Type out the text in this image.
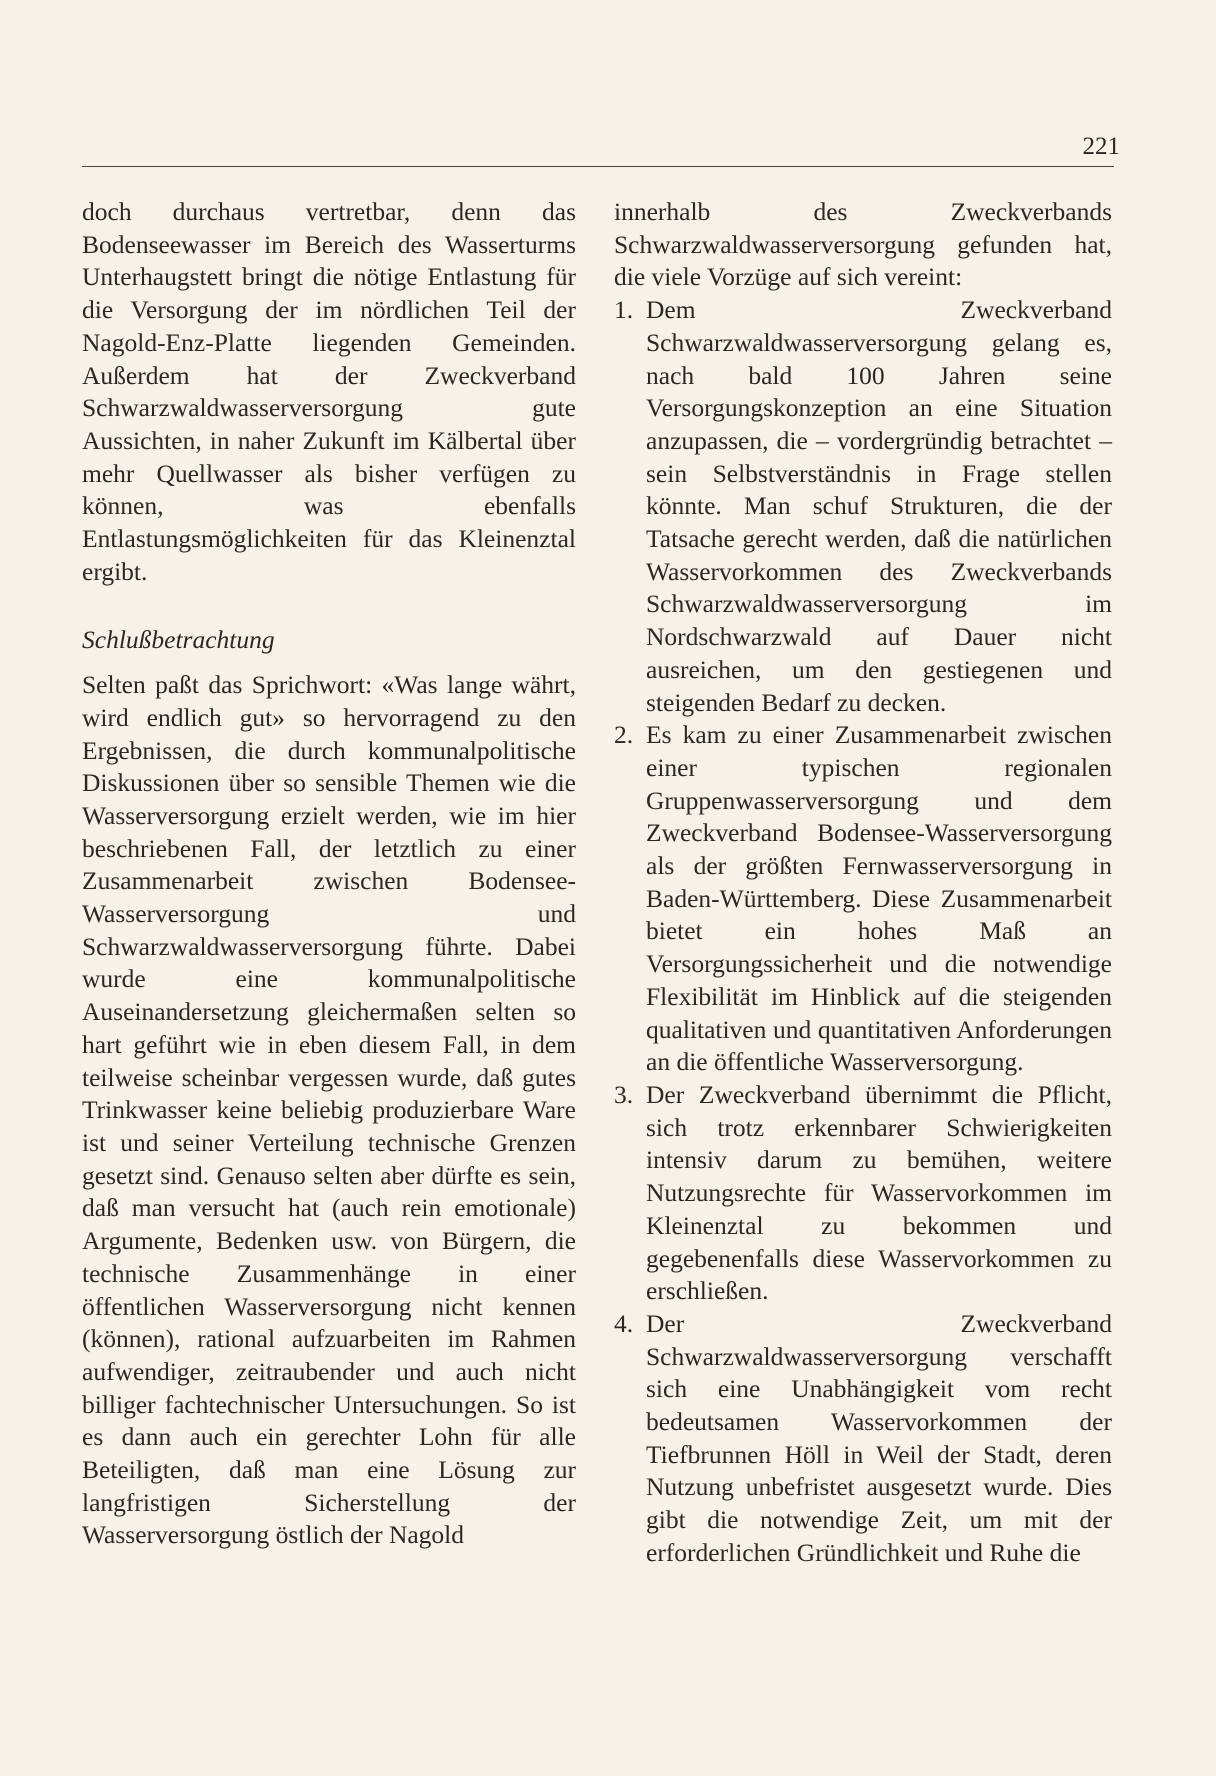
221

doch durchaus vertretbar, denn das Bodenseewasser im Bereich des Wasserturms Unterhaugstett bringt die nötige Entlastung für die Versorgung der im nördlichen Teil der Nagold-Enz-Platte liegenden Gemeinden. Außerdem hat der Zweckverband Schwarzwaldwasserversorgung gute Aussichten, in naher Zukunft im Kälbertal über mehr Quellwasser als bisher verfügen zu können, was ebenfalls Entlastungsmöglichkeiten für das Kleinenztal ergibt.

Schlußbetrachtung

Selten paßt das Sprichwort: «Was lange währt, wird endlich gut» so hervorragend zu den Ergebnissen, die durch kommunalpolitische Diskussionen über so sensible Themen wie die Wasserversorgung erzielt werden, wie im hier beschriebenen Fall, der letztlich zu einer Zusammenarbeit zwischen Bodensee-Wasserversorgung und Schwarzwaldwasserversorgung führte. Dabei wurde eine kommunalpolitische Auseinandersetzung gleichermaßen selten so hart geführt wie in eben diesem Fall, in dem teilweise scheinbar vergessen wurde, daß gutes Trinkwasser keine beliebig produzierbare Ware ist und seiner Verteilung technische Grenzen gesetzt sind. Genauso selten aber dürfte es sein, daß man versucht hat (auch rein emotionale) Argumente, Bedenken usw. von Bürgern, die technische Zusammenhänge in einer öffentlichen Wasserversorgung nicht kennen (können), rational aufzuarbeiten im Rahmen aufwendiger, zeitraubender und auch nicht billiger fachtechnischer Untersuchungen. So ist es dann auch ein gerechter Lohn für alle Beteiligten, daß man eine Lösung zur langfristigen Sicherstellung der Wasserversorgung östlich der Nagold

innerhalb des Zweckverbands Schwarzwaldwasserversorgung gefunden hat, die viele Vorzüge auf sich vereint:

1. Dem Zweckverband Schwarzwaldwasserversorgung gelang es, nach bald 100 Jahren seine Versorgungskonzeption an eine Situation anzupassen, die – vordergründig betrachtet – sein Selbstverständnis in Frage stellen könnte. Man schuf Strukturen, die der Tatsache gerecht werden, daß die natürlichen Wasservorkommen des Zweckverbands Schwarzwaldwasserversorgung im Nordschwarzwald auf Dauer nicht ausreichen, um den gestiegenen und steigenden Bedarf zu decken.
2. Es kam zu einer Zusammenarbeit zwischen einer typischen regionalen Gruppenwasserversorgung und dem Zweckverband Bodensee-Wasserversorgung als der größten Fernwasserversorgung in Baden-Württemberg. Diese Zusammenarbeit bietet ein hohes Maß an Versorgungssicherheit und die notwendige Flexibilität im Hinblick auf die steigenden qualitativen und quantitativen Anforderungen an die öffentliche Wasserversorgung.
3. Der Zweckverband übernimmt die Pflicht, sich trotz erkennbarer Schwierigkeiten intensiv darum zu bemühen, weitere Nutzungsrechte für Wasservorkommen im Kleinenztal zu bekommen und gegebenenfalls diese Wasservorkommen zu erschließen.
4. Der Zweckverband Schwarzwaldwasserversorgung verschafft sich eine Unabhängigkeit vom recht bedeutsamen Wasservorkommen der Tiefbrunnen Höll in Weil der Stadt, deren Nutzung unbefristet ausgesetzt wurde. Dies gibt die notwendige Zeit, um mit der erforderlichen Gründlichkeit und Ruhe die
